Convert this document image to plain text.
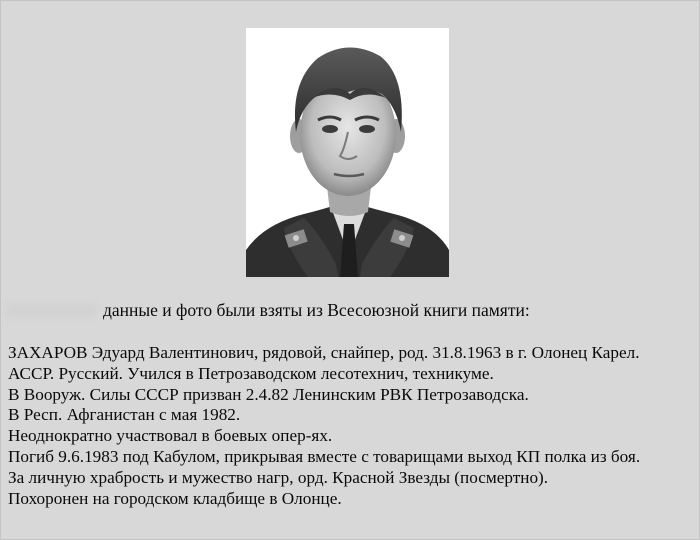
данные и фото были взяты из Всесоюзной книги памяти:
ЗАХАРОВ Эдуард Валентинович, рядовой, снайпер, род. 31.8.1963 в г. Олонец Карел.
АССР. Русский. Учился в Петрозаводском лесотехнич, техникуме.
В Вооруж. Силы СССР призван 2.4.82 Ленинским РВК Петрозаводска.
В Респ. Афганистан с мая 1982.
Неоднократно участвовал в боевых опер-ях.
Погиб 9.6.1983 под Кабулом, прикрывая вместе с товарищами выход КП полка из боя.
За личную храбрость и мужество нагр, орд. Красной Звезды (посмертно).
Похоронен на городском кладбище в Олонце.
